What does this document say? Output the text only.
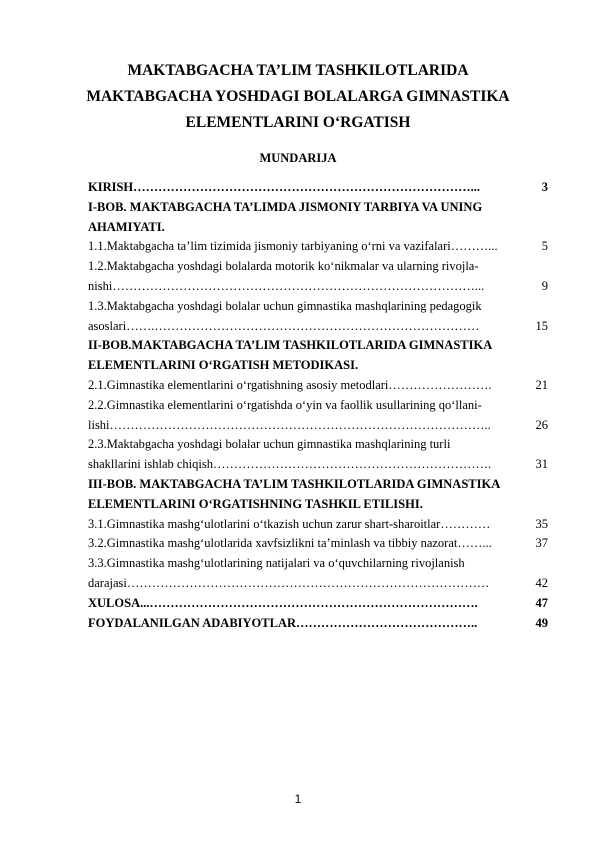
MAKTABGACHA TA’LIM TASHKILOTLARIDA
MAKTABGACHA YOSHDAGI BOLALARGA GIMNASTIKA
ELEMENTLARINI O‘RGATISH
MUNDARIJA
KIRISH ………………………………………………………………………...	3
I-BOB. MAKTABGACHA TA’LIMDA JISMONIY TARBIYA VA UNING
AHAMIYATI.
1.1.Maktabgacha ta’lim tizimida jismoniy tarbiyaning o‘rni va vazifalari ………...	5
1.2.Maktabgacha yoshdagi bolalarda motorik ko‘nikmalar va ularning rivojla-
nishi ……………………………………………………………………………...	9
1.3.Maktabgacha yoshdagi bolalar uchun gimnastika mashqlarining pedagogik
asoslari …….……………………………………………………………………	15
II-BOB.MAKTABGACHA TA’LIM TASHKILOTLARIDA GIMNASTIKA
ELEMENTLARINI O‘RGATISH METODIKASI.
2.1.Gimnastika elementlarini o‘rgatishning asosiy metodlari …………………….	21
2.2.Gimnastika elementlarini o‘rgatishda o‘yin va faollik usullarining qo‘llani-
lishi ………………………………………………………………………………..	26
2.3.Maktabgacha yoshdagi bolalar uchun gimnastika mashqlarining turli
shakllarini ishlab chiqish ………………………………………………………….	31
III-BOB. MAKTABGACHA TA’LIM TASHKILOTLARIDA GIMNASTIKA
ELEMENTLARINI O‘RGATISHNING TASHKIL ETILISHI.
3.1.Gimnastika mashg‘ulotlarini o‘tkazish uchun zarur shart-sharoitlar …………	35
3.2.Gimnastika mashg‘ulotlarida xavfsizlikni ta’minlash va tibbiy nazorat ……...	37
3.3.Gimnastika mashg‘ulotlarining natijalari va o‘quvchilarning rivojlanish
darajasi ……………………………………………………………………………	42
XULOSA ...…………………………………………………………………….	47
FOYDALANILGAN ADABIYOTLAR ……………………………………..	49
1
